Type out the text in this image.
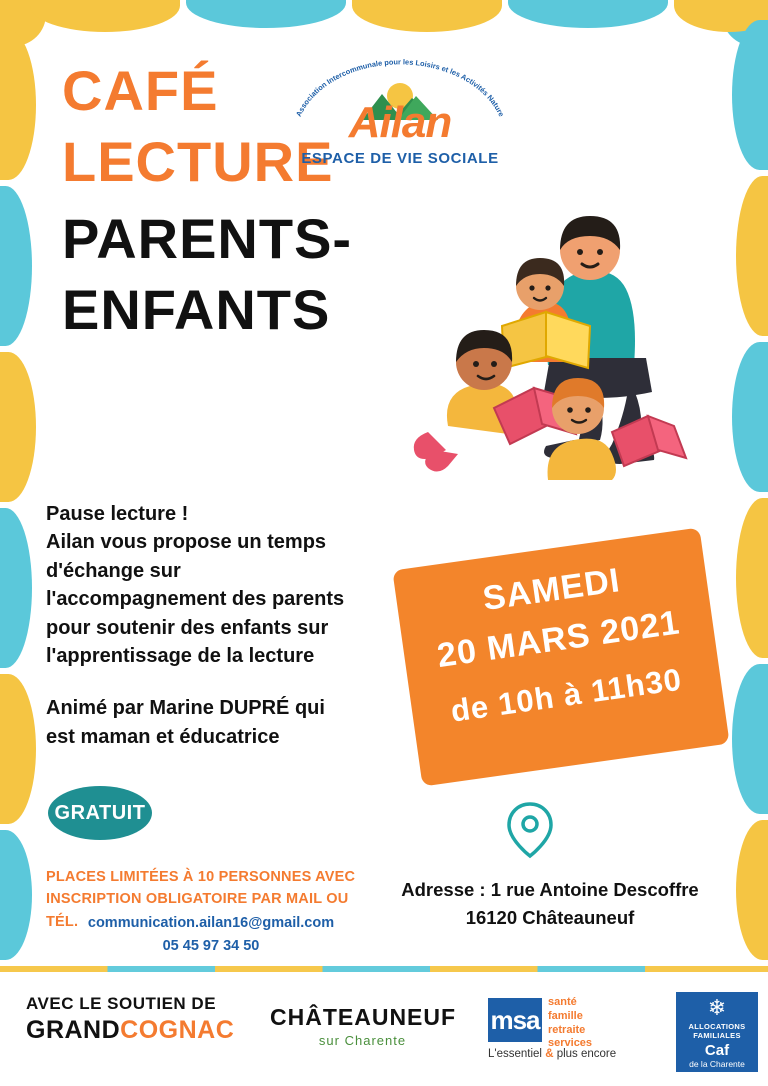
CAFÉ
LECTURE
PARENTS-
ENFANTS
Association Intercommunale pour les Loisirs et les Activités Nature
Ailan
ESPACE DE VIE SOCIALE

Pause lecture !

Ailan vous propose un temps

d'échange sur

l'accompagnement des parents

pour soutenir des enfants sur

l'apprentissage de la lecture

Animé par Marine DUPRÉ qui

est maman et éducatrice

GRATUIT
PLACES LIMITÉES À 10 PERSONNES AVEC
INSCRIPTION OBLIGATOIRE PAR MAIL OU TÉL. communication.ailan16@gmail.com
05 45 97 34 50
SAMEDI
20 MARS 2021
de 10h à 11h30
Adresse : 1 rue Antoine Descoffre
16120 Châteauneuf
AVEC LE SOUTIEN DE
GRANDCOGNAC	CHÂTEAUNEUF
sur Charente
msa
santé
famille
retraite
services
L'essentiel & plus encore
❄
ALLOCATIONS FAMILIALES
Caf
de la Charente
